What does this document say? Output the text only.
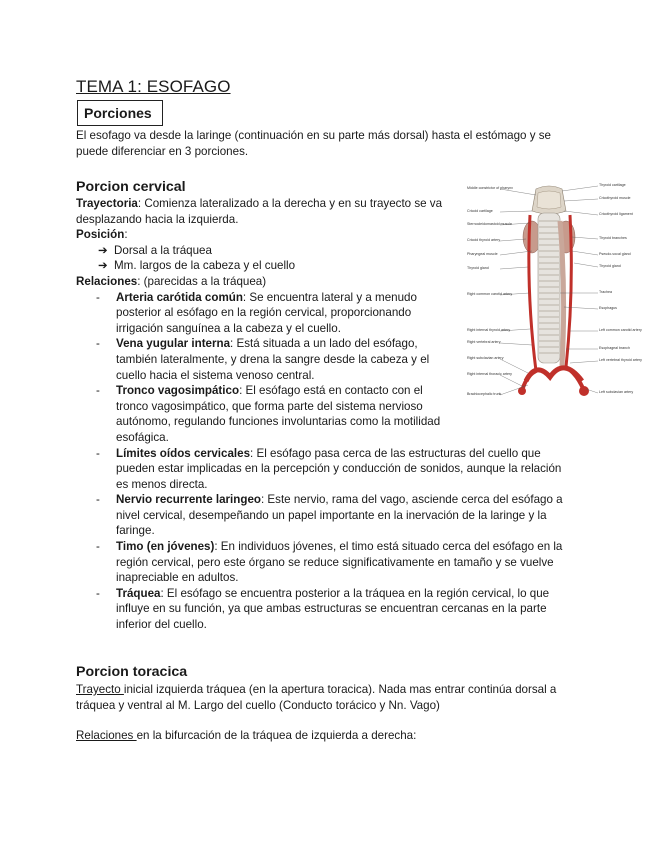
TEMA 1: ESOFAGO
Porciones
El esofago va desde la laringe (continuación en su parte más dorsal) hasta el estómago y se puede diferenciar en 3 porciones.
Porcion cervical

Trayectoria: Comienza lateralizado a la derecha y en su trayecto se va desplazando hacia la izquierda.

Posición:

➔ Dorsal a la tráquea
➔ Mm. largos de la cabeza y el cuello

Relaciones: (parecidas a la tráquea)

- Arteria carótida común: Se encuentra lateral y a menudo posterior al esófago en la región cervical, proporcionando irrigación sanguínea a la cabeza y el cuello.
- Vena yugular interna: Está situada a un lado del esófago, también lateralmente, y drena la sangre desde la cabeza y el cuello hacia el sistema venoso central.
- Tronco vagosimpático: El esófago está en contacto con el tronco vagosimpático, que forma parte del sistema nervioso autónomo, regulando funciones involuntarias como la motilidad esofágica.
- Límites oídos cervicales: El esófago pasa cerca de las estructuras del cuello que pueden estar implicadas en la percepción y conducción de sonidos, aunque la relación es menos directa.
- Nervio recurrente laringeo: Este nervio, rama del vago, asciende cerca del esófago a nivel cervical, desempeñando un papel importante en la inervación de la laringe y la faringe.
- Timo (en jóvenes): En individuos jóvenes, el timo está situado cerca del esófago en la región cervical, pero este órgano se reduce significativamente en tamaño y se vuelve inapreciable en adultos.
- Tráquea: El esófago se encuentra posterior a la tráquea en la región cervical, lo que influye en su función, ya que ambas estructuras se encuentran cercanas en la parte inferior del cuello.
Middle constrictor of pharynx
Cricoid cartilage
Sternocleidomastoid muscle
Cricoid thyroid artery
Pharyngeal muscle
Thyroid gland
Right common carotid artery
Right internal thyroid artery
Right vertebral artery
Right subclavian artery
Right internal thoracic artery
Brachiocephalic trunk
Thyroid cartilage
Cricothyroid muscle
Cricothyroid ligament
Thyroid branches
Pseudo-vocal gland
Thyroid gland
Trachea
Esophagus
Left common carotid artery
Esophageal branch
Left vertebral thyroid artery
Left subclavian artery
Porcion toracica

Trayecto inicial izquierda tráquea (en la apertura toracica). Nada mas entrar continúa dorsal a tráquea y ventral al M. Largo del cuello (Conducto torácico y Nn. Vago)

Relaciones en la bifurcación de la tráquea de izquierda a derecha:
